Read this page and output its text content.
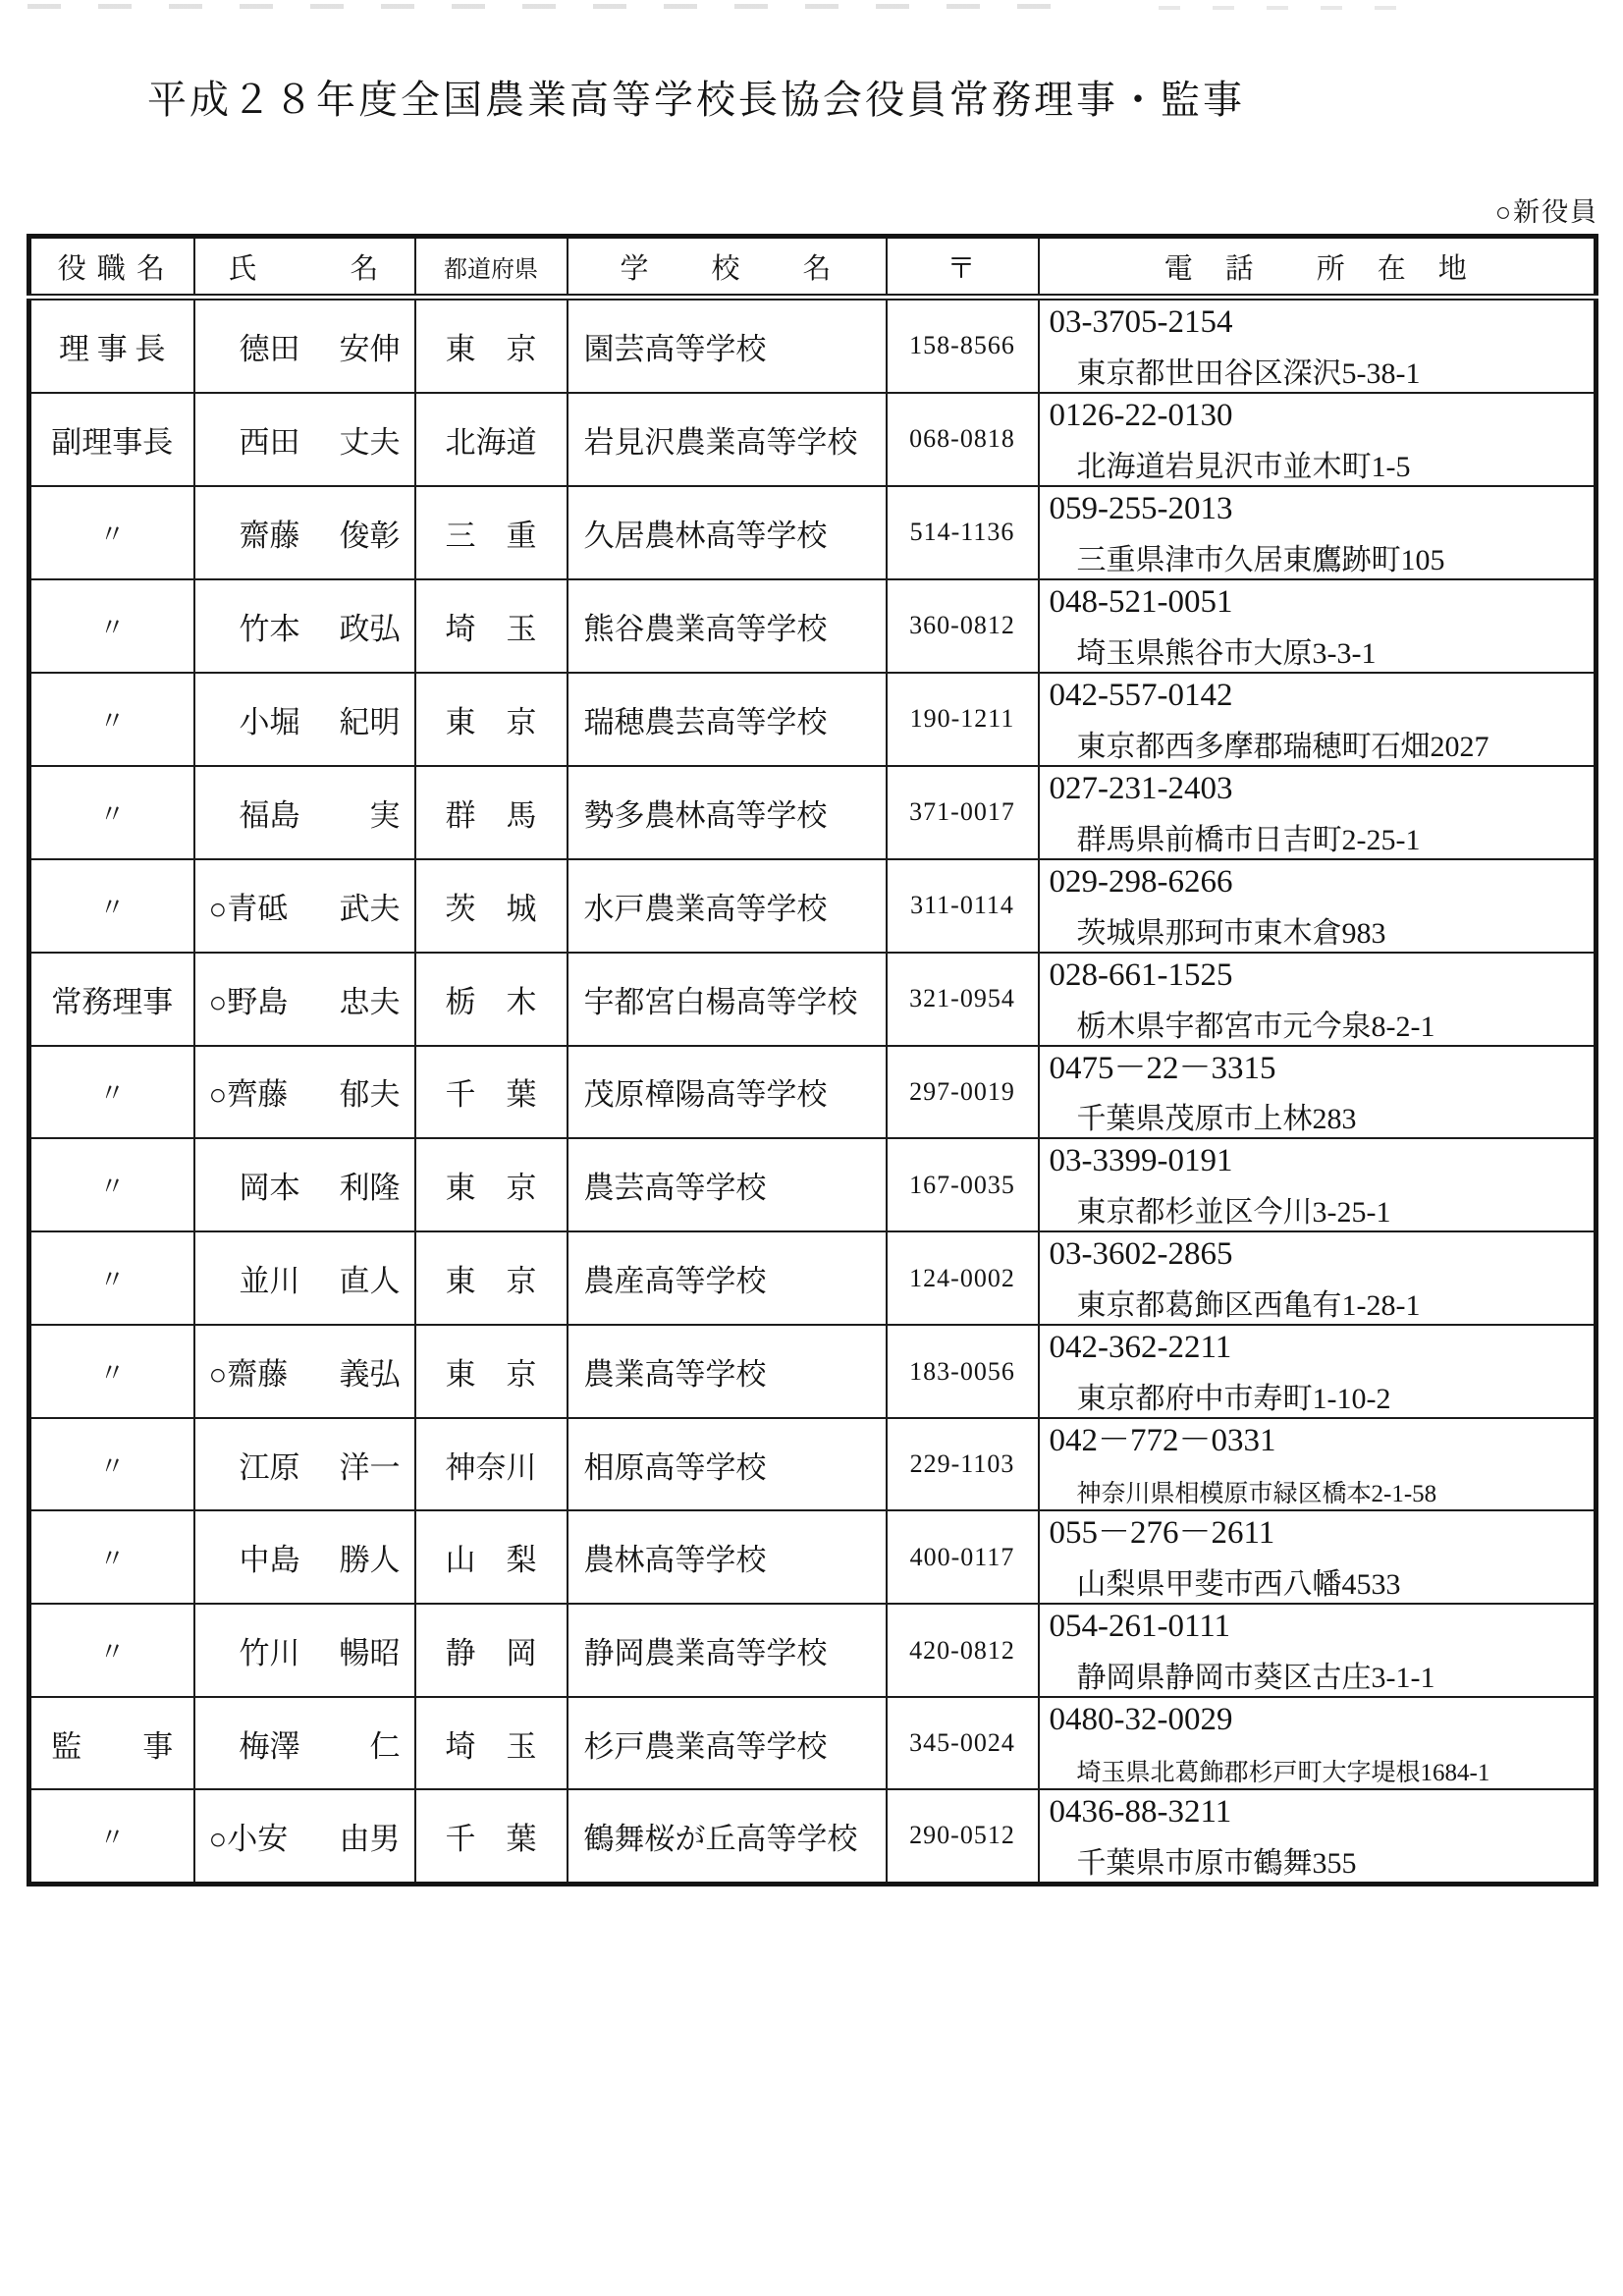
平成２８年度全国農業高等学校長協会役員常務理事・監事
○新役員
役 職 名	氏　　　名	都道府県	学　　校　　名	〒	電　話　　所　在　地
理 事 長	　德田 安伸	東　京	園芸高等学校	158-8566	
03-3705-2154
東京都世田谷区深沢5-38-1

副理事長	　西田 丈夫	北海道	岩見沢農業高等学校	068-0818	
0126-22-0130
北海道岩見沢市並木町1-5

〃	　齋藤 俊彰	三　重	久居農林高等学校	514-1136	
059-255-2013
三重県津市久居東鷹跡町105

〃	　竹本 政弘	埼　玉	熊谷農業高等学校	360-0812	
048-521-0051
埼玉県熊谷市大原3-3-1

〃	　小堀 紀明	東　京	瑞穂農芸高等学校	190-1211	
042-557-0142
東京都西多摩郡瑞穂町石畑2027

〃	　福島 実	群　馬	勢多農林高等学校	371-0017	
027-231-2403
群馬県前橋市日吉町2-25-1

〃	○青砥 武夫	茨　城	水戸農業高等学校	311-0114	
029-298-6266
茨城県那珂市東木倉983

常務理事	○野島 忠夫	栃　木	宇都宮白楊高等学校	321-0954	
028-661-1525
栃木県宇都宮市元今泉8-2-1

〃	○齊藤 郁夫	千　葉	茂原樟陽高等学校	297-0019	
0475－22－3315
千葉県茂原市上林283

〃	　岡本 利隆	東　京	農芸高等学校	167-0035	
03-3399-0191
東京都杉並区今川3-25-1

〃	　並川 直人	東　京	農産高等学校	124-0002	
03-3602-2865
東京都葛飾区西亀有1-28-1

〃	○齋藤 義弘	東　京	農業高等学校	183-0056	
042-362-2211
東京都府中市寿町1-10-2

〃	　江原 洋一	神奈川	相原高等学校	229-1103	
042－772－0331
神奈川県相模原市緑区橋本2-1-58

〃	　中島 勝人	山　梨	農林高等学校	400-0117	
055－276－2611
山梨県甲斐市西八幡4533

〃	　竹川 暢昭	静　岡	静岡農業高等学校	420-0812	
054-261-0111
静岡県静岡市葵区古庄3-1-1

監　　事	　梅澤 仁	埼　玉	杉戸農業高等学校	345-0024	
0480-32-0029
埼玉県北葛飾郡杉戸町大字堤根1684-1

〃	○小安 由男	千　葉	鶴舞桜が丘高等学校	290-0512	
0436-88-3211
千葉県市原市鶴舞355
